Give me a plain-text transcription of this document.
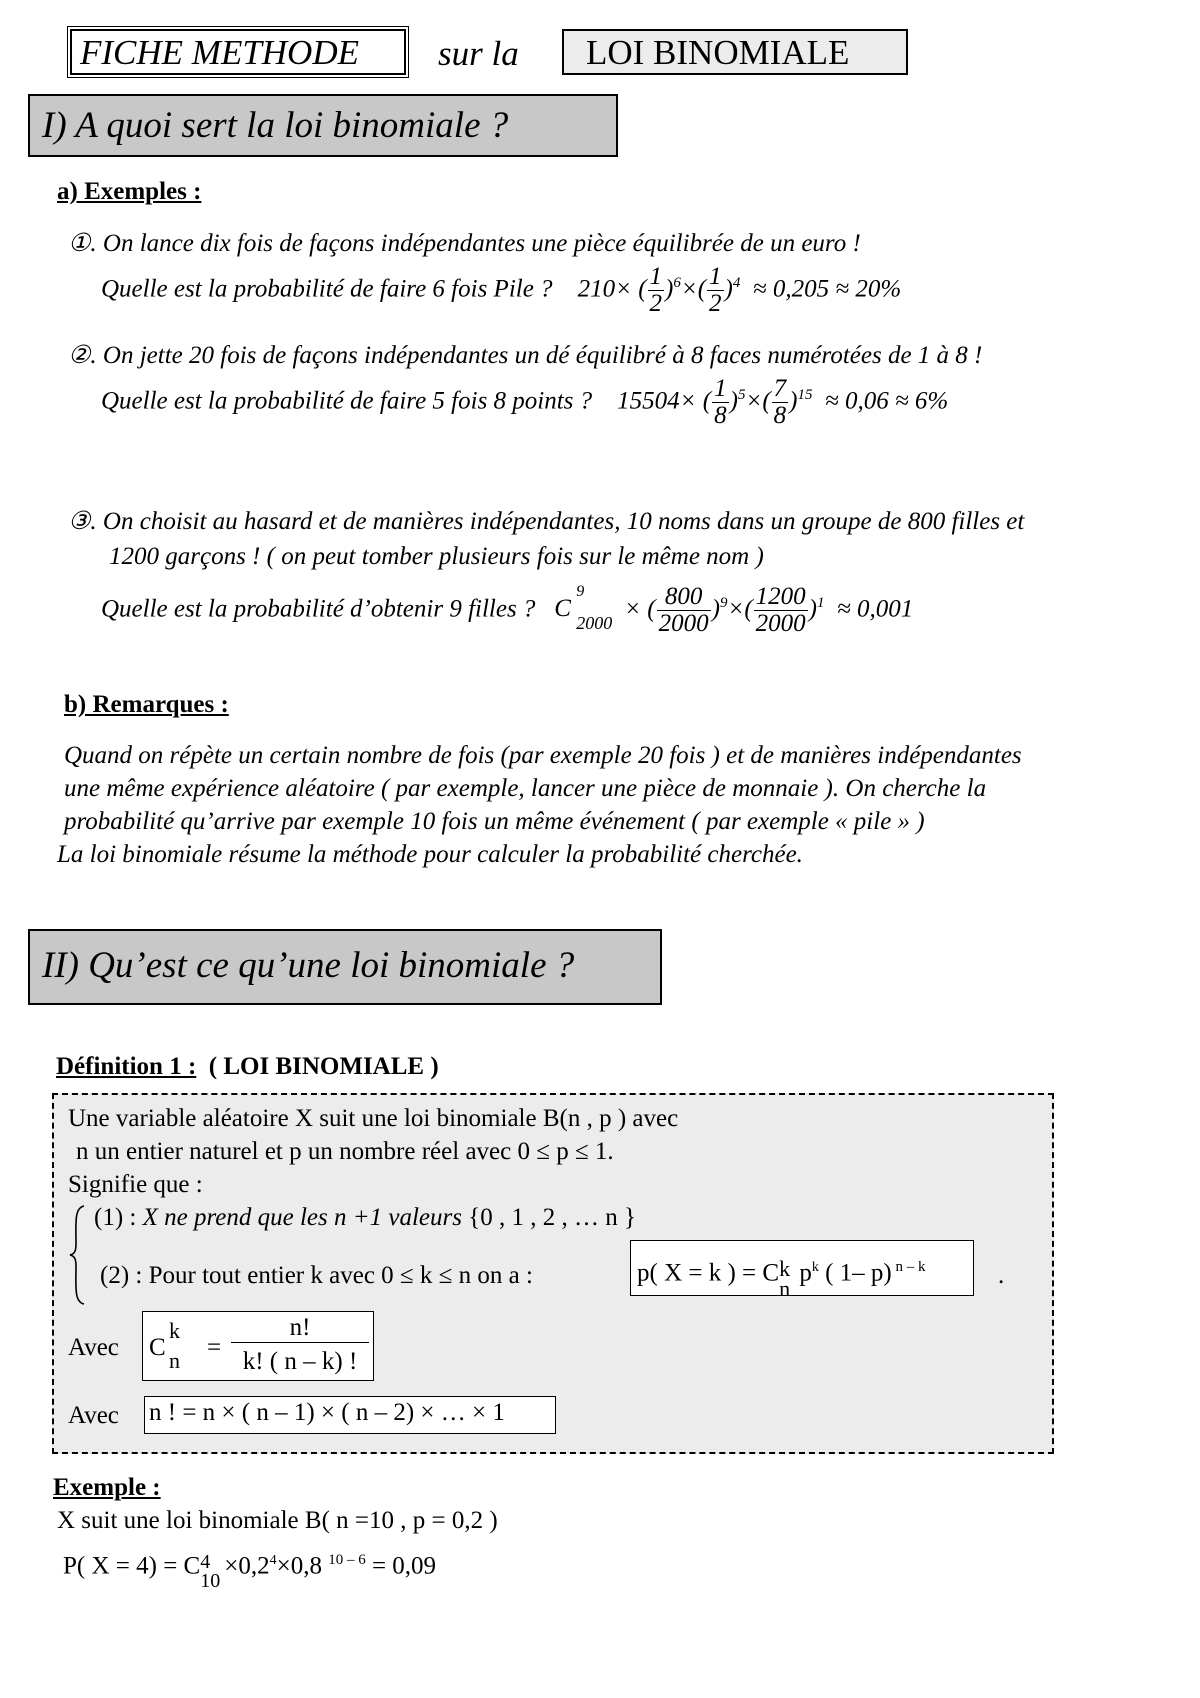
FICHE METHODE	sur la	LOI BINOMIALE
I) A quoi sert la loi binomiale ?
a) Exemples :
①. On lance dix fois de façons indépendantes une pièce équilibrée de un euro !
Quelle est la probabilité de faire 6 fois Pile ? 210× ( $\frac{1}{2} )^6\times( \frac{1}{2} )^4 \approx 0,205 \approx 20\%$
②. On jette 20 fois de façons indépendantes un dé équilibré à 8 faces numérotées de 1 à 8 !
Quelle est la probabilité de faire 5 fois 8 points ? 15504× ( $\frac{1}{8} )^5\times( \frac{7}{8} )^{15} \approx 0,06 \approx 6\%$
③. On choisit au hasard et de manières indépendantes, 10 noms dans un groupe de 800 filles et
1200 garçons ! ( on peut tomber plusieurs fois sur le même nom )
Quelle est la probabilité d’obtenir 9 filles ? C
9
2000
× ( $\frac{800}{2000} )^9\times( \frac{1200}{2000} )^1 \approx 0,001$
b) Remarques :
Quand on répète un certain nombre de fois (par exemple 20 fois ) et de manières indépendantes
une même expérience aléatoire ( par exemple, lancer une pièce de monnaie ). On cherche la
probabilité qu’arrive par exemple 10 fois un même événement ( par exemple « pile » )
La loi binomiale résume la méthode pour calculer la probabilité cherchée.
II) Qu’est ce qu’une loi binomiale ?
Définition 1 : ( LOI BINOMIALE )
Une variable aléatoire X suit une loi binomiale B(n , p ) avec
n un entier naturel et p un nombre réel avec 0 ≤ p ≤ 1.
Signifie que :
(1) : X ne prend que les n +1 valeurs {0 , 1 , 2 , … n }
(2) : Pour tout entier k avec 0 ≤ k ≤ n on a :	p( X = k ) = C k
n
$p^k$ ( 1– p) $^{n - k}$	.
Avec C
k
n =
n!
k! ( n – k) !
Avec n ! = n × ( n – 1) × ( n – 2) × … × 1
Exemple :
X suit une loi binomiale B( n =10 , p = 0,2 )
P( X = 4) = C 4
10
$\times 0,2^4\times 0,8$ $^{10 - 6}$ = 0,09
